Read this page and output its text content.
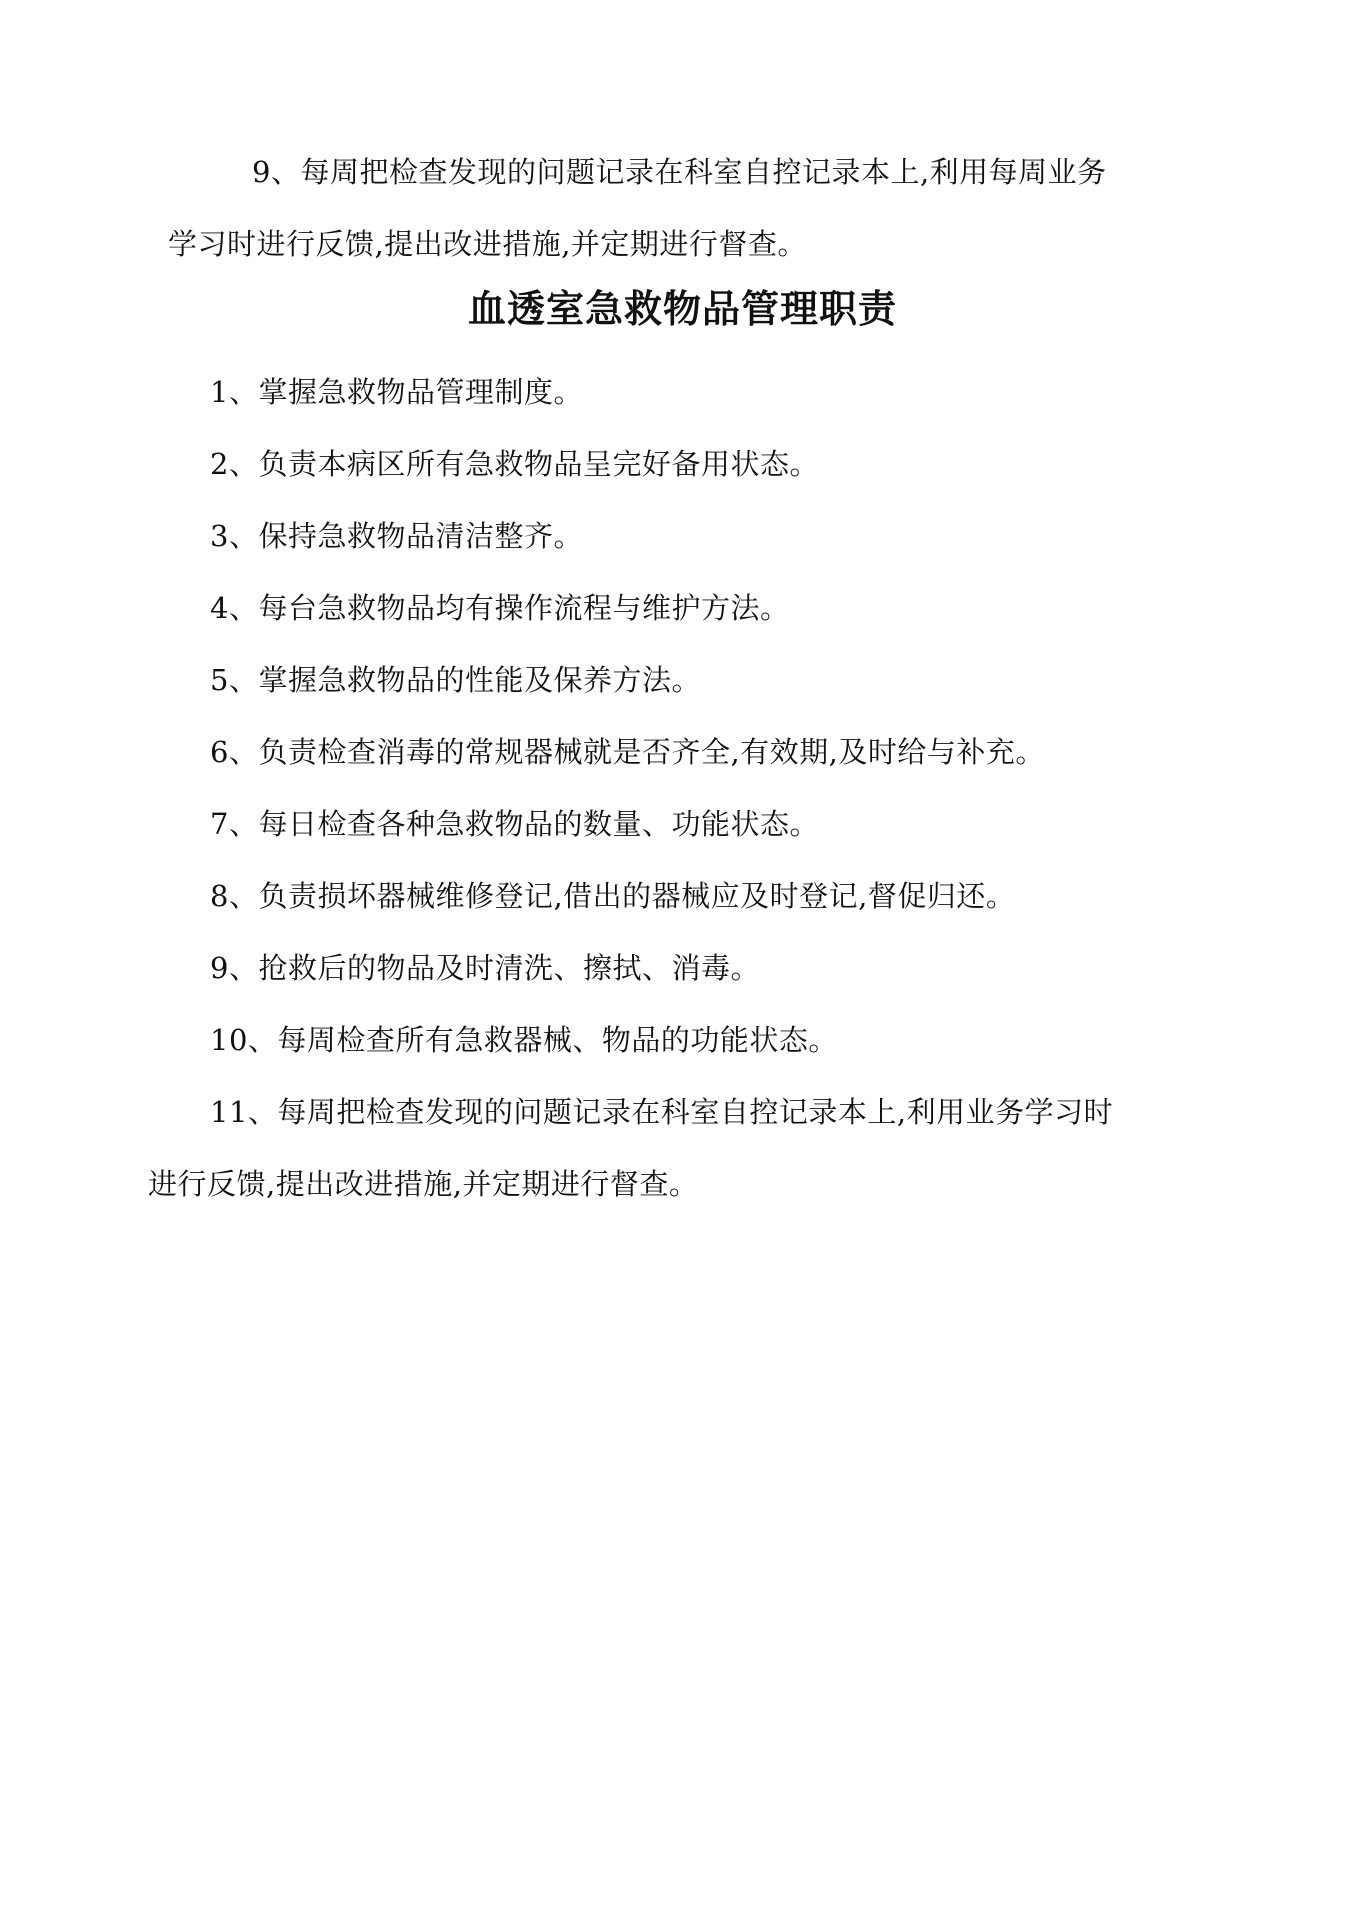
9、每周把检查发现的问题记录在科室自控记录本上,利用每周业务
学习时进行反馈,提出改进措施,并定期进行督查。
血透室急救物品管理职责
1、掌握急救物品管理制度。
2、负责本病区所有急救物品呈完好备用状态。
3、保持急救物品清洁整齐。
4、每台急救物品均有操作流程与维护方法。
5、掌握急救物品的性能及保养方法。
6、负责检查消毒的常规器械就是否齐全,有效期,及时给与补充。
7、每日检查各种急救物品的数量、功能状态。
8、负责损坏器械维修登记,借出的器械应及时登记,督促归还。
9、抢救后的物品及时清洗、擦拭、消毒。
10、每周检查所有急救器械、物品的功能状态。
11、每周把检查发现的问题记录在科室自控记录本上,利用业务学习时
进行反馈,提出改进措施,并定期进行督查。
